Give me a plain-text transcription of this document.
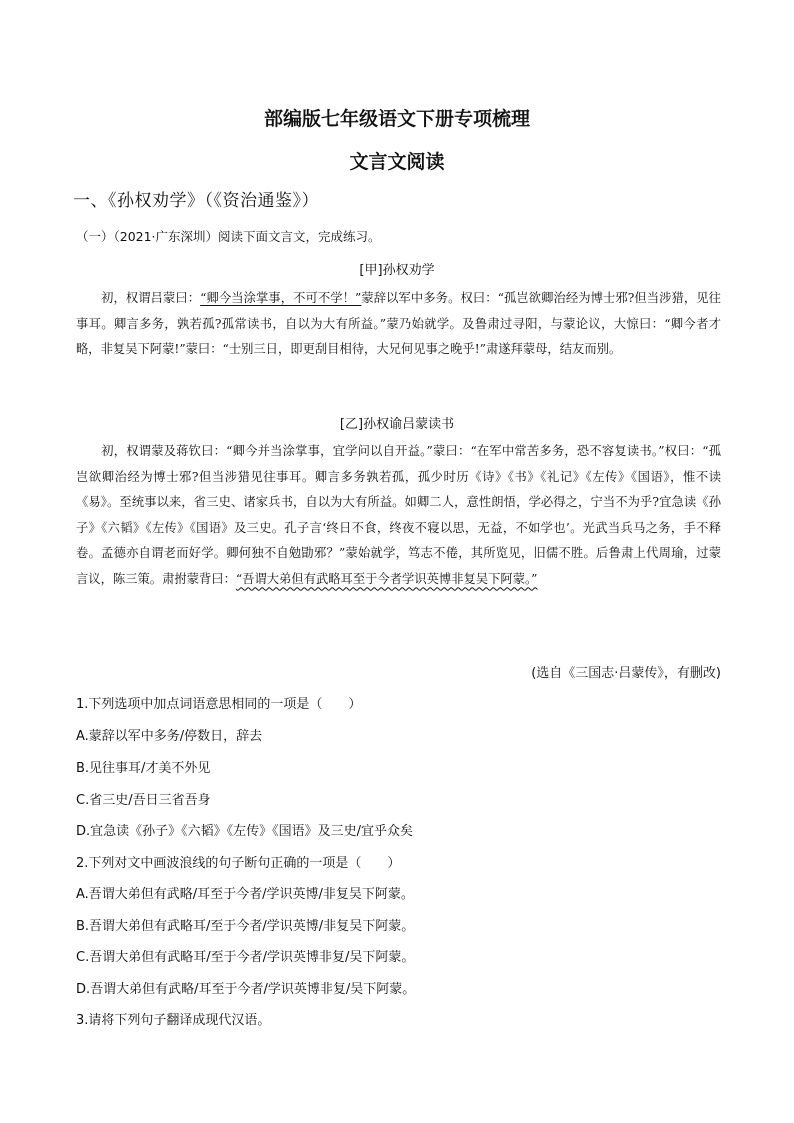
部编版七年级语文下册专项梳理
文言文阅读
一、《孙权劝学》（《资治通鉴》）
（一）（2021·广东深圳）阅读下面文言文，完成练习。
[甲]孙权劝学
初，权谓吕蒙曰：“卿今当涂掌事，不可不学！”蒙辞以军中多务。权曰：“孤岂欲卿治经为博士邪?但当涉猎，见往事耳。卿言多务，孰若孤?孤常读书，自以为大有所益。”蒙乃始就学。及鲁肃过寻阳，与蒙论议，大惊曰：“卿今者才略，非复吴下阿蒙!”蒙曰：“士别三日，即更刮目相待，大兄何见事之晚乎!”肃遂拜蒙母，结友而别。
[乙]孙权谕吕蒙读书
初，权谓蒙及蒋钦曰：“卿今并当涂掌事，宜学问以自开益。”蒙曰：“在军中常苦多务，恐不容复读书。”权曰：“孤岂欲卿治经为博士邪?但当涉猎见往事耳。卿言多务孰若孤，孤少时历《诗》《书》《礼记》《左传》《国语》，惟不读《易》。至统事以来，省三史、诸家兵书，自以为大有所益。如卿二人，意性朗悟，学必得之，宁当不为乎?宜急读《孙子》《六韬》《左传》《国语》及三史。孔子言‘终日不食，终夜不寝以思，无益，不如学也’。光武当兵马之务，手不释卷。孟德亦自谓老而好学。卿何独不自勉勖邪？”蒙始就学，笃志不倦，其所览见，旧儒不胜。后鲁肃上代周瑜，过蒙言议，陈三策。肃拊蒙背曰：“吾谓大弟但有武略耳至于今者学识英博非复吴下阿蒙。”
(选自《三国志·吕蒙传》，有删改)
1.下列选项中加点词语意思相同的一项是（　　）
A.蒙辞以军中多务/停数日，辞去
B.见往事耳/才美不外见
C.省三史/吾日三省吾身
D.宜急读《孙子》《六韬》《左传》《国语》及三史/宜乎众矣
2.下列对文中画波浪线的句子断句正确的一项是（　　）
A.吾谓大弟但有武略/耳至于今者/学识英博/非复吴下阿蒙。
B.吾谓大弟但有武略耳/至于今者/学识英博/非复吴下阿蒙。
C.吾谓大弟但有武略耳/至于今者/学识英博非复/吴下阿蒙。
D.吾谓大弟但有武略/耳至于今者/学识英博非复/吴下阿蒙。
3.请将下列句子翻译成现代汉语。
